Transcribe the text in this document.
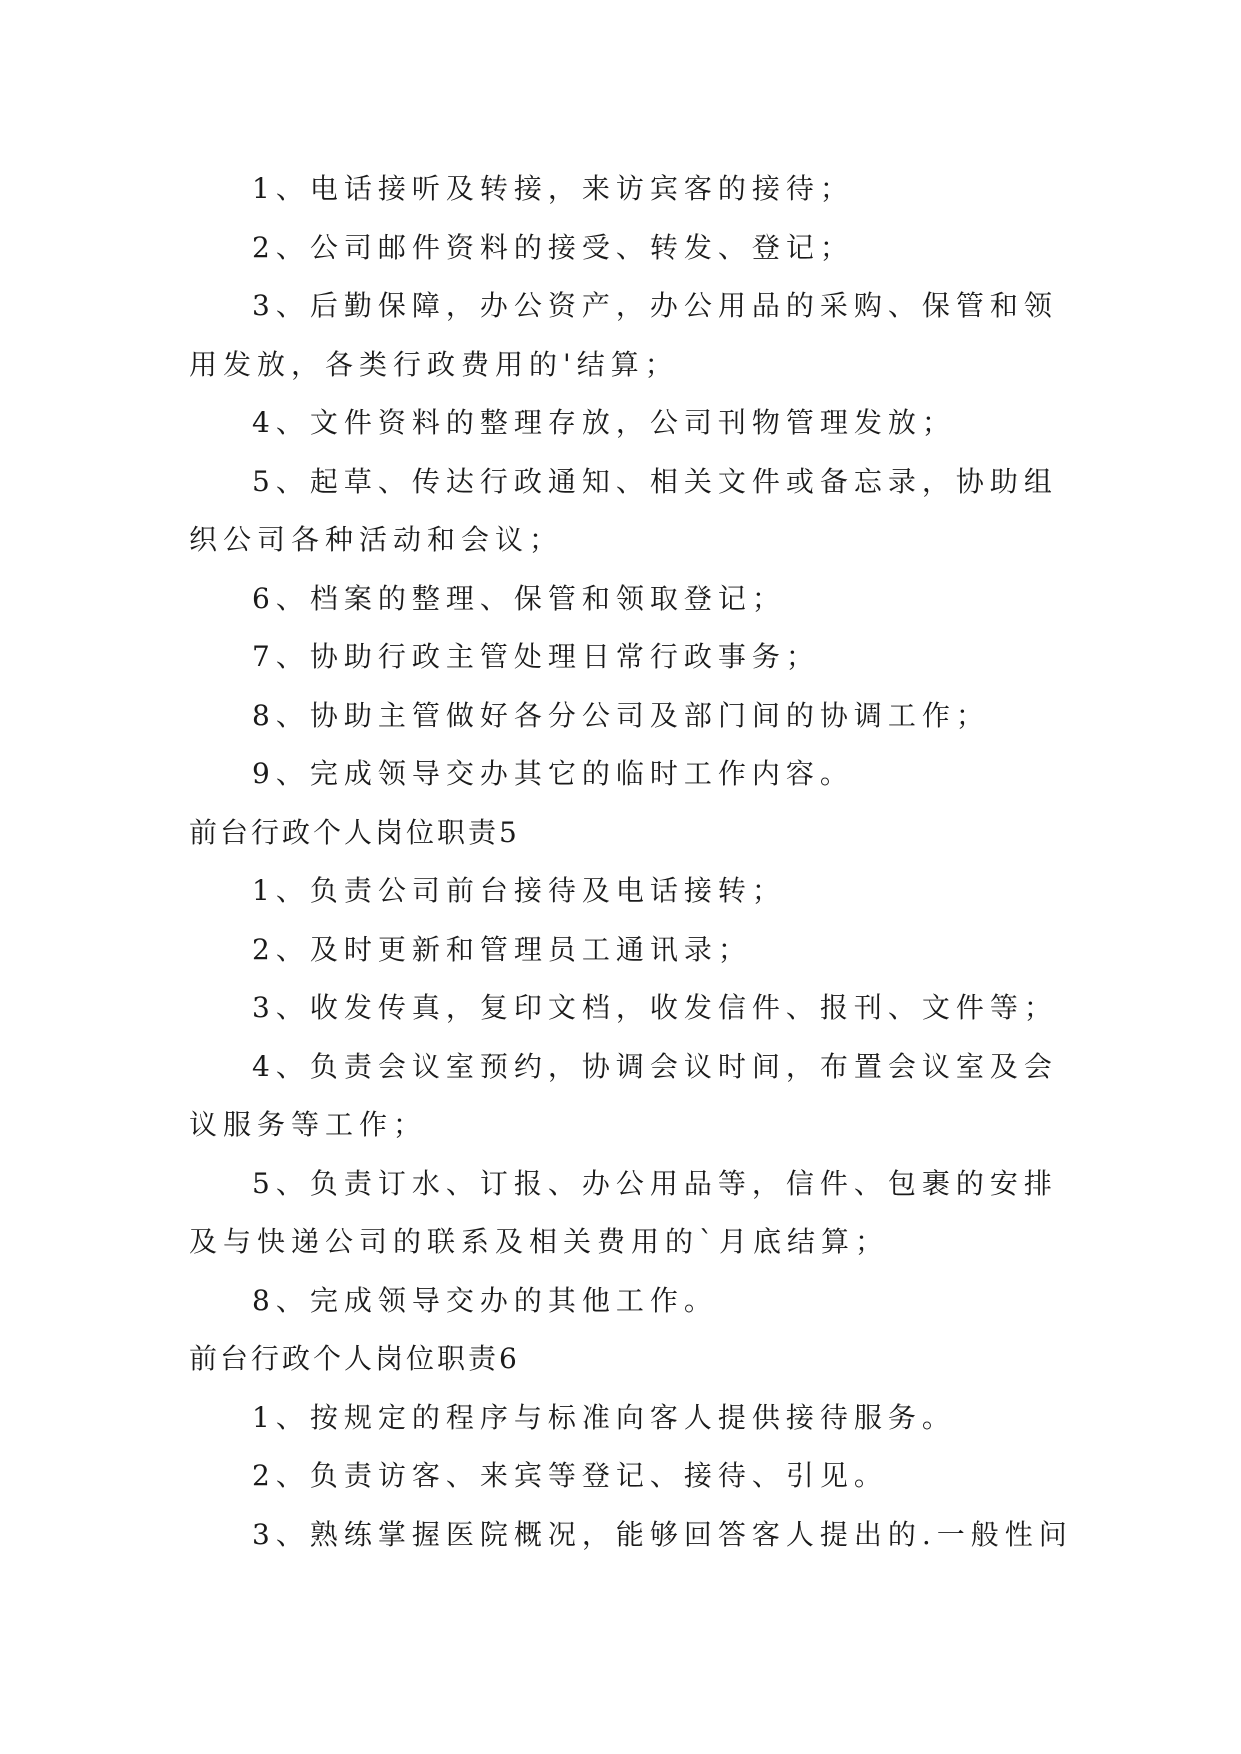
1、电话接听及转接，来访宾客的接待；
2、公司邮件资料的接受、转发、登记；
3、后勤保障，办公资产，办公用品的采购、保管和领
用发放，各类行政费用的'结算；
4、文件资料的整理存放，公司刊物管理发放；
5、起草、传达行政通知、相关文件或备忘录，协助组
织公司各种活动和会议；
6、档案的整理、保管和领取登记；
7、协助行政主管处理日常行政事务；
8、协助主管做好各分公司及部门间的协调工作；
9、完成领导交办其它的临时工作内容。
前台行政个人岗位职责5
1、负责公司前台接待及电话接转；
2、及时更新和管理员工通讯录；
3、收发传真，复印文档，收发信件、报刊、文件等；
4、负责会议室预约，协调会议时间，布置会议室及会
议服务等工作；
5、负责订水、订报、办公用品等，信件、包裹的安排
及与快递公司的联系及相关费用的`月底结算；
8、完成领导交办的其他工作。
前台行政个人岗位职责6
1、按规定的程序与标准向客人提供接待服务。
2、负责访客、来宾等登记、接待、引见。
3、熟练掌握医院概况，能够回答客人提出的.一般性问
